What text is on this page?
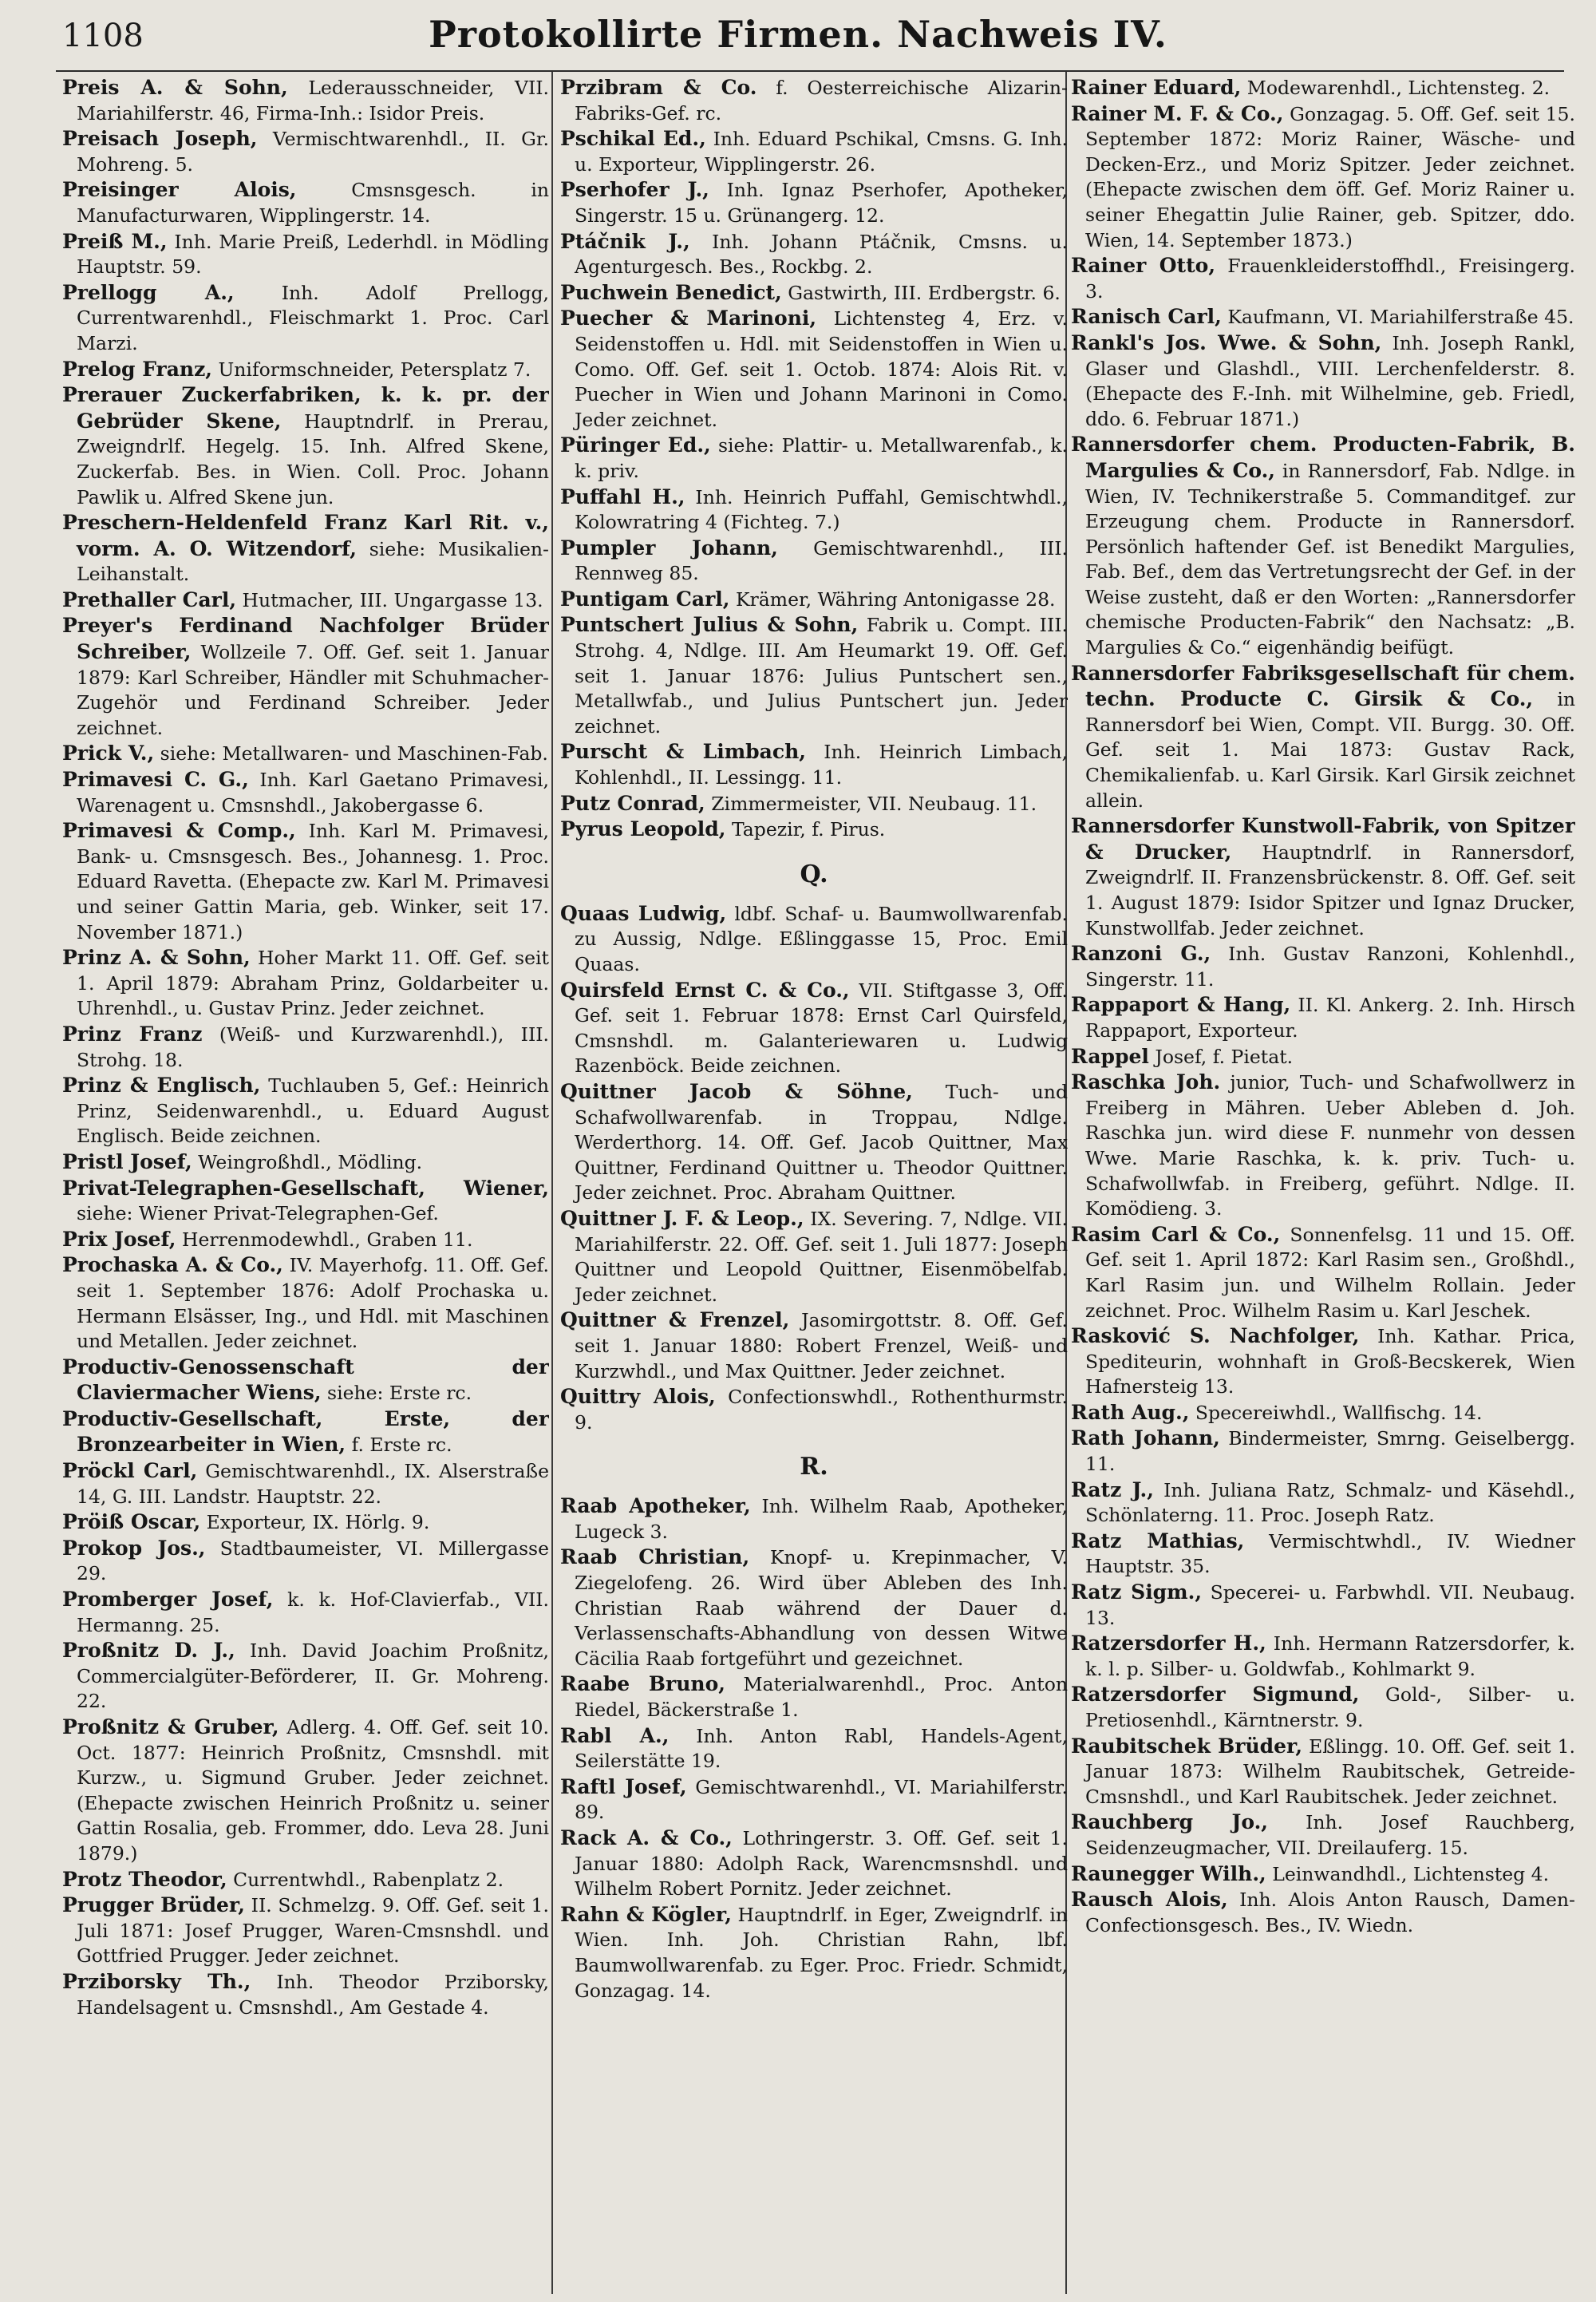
1108	Protokollirte Firmen. Nachweis IV.

Preis A. & Sohn, Lederausschneider, VII. Mariahilferstr. 46, Firma-Inh.: Isidor Preis.

Preisach Joseph, Vermischtwarenhdl., II. Gr. Mohreng. 5.

Preisinger Alois,	Cmsnsgesch. in Manufacturwaren, Wipplingerstr. 14.

Preiß M., Inh. Marie Preiß, Lederhdl. in Mödling Hauptstr. 59.

Prellogg A.,	Inh. Adolf Prellogg, Currentwarenhdl., Fleischmarkt 1. Proc. Carl Marzi.

Prelog Franz, Uniformschneider, Petersplatz 7.

Prerauer Zuckerfabriken, k. k. pr. der Gebrüder Skene, Hauptndrlf. in Prerau, Zweigndrlf. Hegelg. 15. Inh. Alfred Skene, Zuckerfab. Bes. in Wien. Coll. Proc. Johann Pawlik u. Alfred Skene jun.

Preschern-Heldenfeld Franz Karl Rit. v., vorm. A. O. Witzendorf, siehe: Musikalien-Leihanstalt.

Prethaller Carl, Hutmacher, III. Ungargasse 13.

Preyer's Ferdinand Nachfolger Brüder Schreiber, Wollzeile 7. Off. Gef. seit 1. Januar 1879: Karl Schreiber, Händler mit Schuhmacher-Zugehör und Ferdinand Schreiber. Jeder zeichnet.

Prick V., siehe: Metallwaren- und Maschinen-Fab.

Primavesi C. G., Inh. Karl Gaetano Primavesi, Warenagent u. Cmsnshdl., Jakobergasse 6.

Primavesi & Comp., Inh. Karl M. Primavesi, Bank- u. Cmsnsgesch. Bes., Johannesg. 1. Proc. Eduard Ravetta. (Ehepacte zw. Karl M. Primavesi und seiner Gattin Maria, geb. Winker, seit 17. November 1871.)

Prinz A. & Sohn, Hoher Markt 11. Off. Gef. seit 1. April 1879: Abraham Prinz, Goldarbeiter u. Uhrenhdl., u. Gustav Prinz. Jeder zeichnet.

Prinz Franz (Weiß- und Kurzwarenhdl.), III. Strohg. 18.

Prinz & Englisch, Tuchlauben 5, Gef.: Heinrich Prinz, Seidenwarenhdl., u. Eduard August Englisch. Beide zeichnen.

Pristl Josef, Weingroßhdl., Mödling.

Privat-Telegraphen-Gesellschaft, Wiener, siehe: Wiener Privat-Telegraphen-Gef.

Prix Josef, Herrenmodewhdl., Graben 11.

Prochaska A. & Co., IV. Mayerhofg. 11. Off. Gef. seit 1. September 1876: Adolf Prochaska u. Hermann Elsässer, Ing., und Hdl. mit Maschinen und Metallen. Jeder zeichnet.

Productiv-Genossenschaft der Claviermacher Wiens, siehe: Erste rc.

Productiv-Gesellschaft, Erste, der Bronzearbeiter in Wien, f. Erste rc.

Pröckl Carl, Gemischtwarenhdl., IX. Alserstraße 14, G. III. Landstr. Hauptstr. 22.

Pröiß Oscar, Exporteur, IX. Hörlg. 9.

Prokop Jos., Stadtbaumeister, VI. Millergasse 29.

Promberger Josef, k. k. Hof-Clavierfab., VII. Hermanng. 25.

Proßnitz D. J., Inh. David Joachim Proßnitz, Commercialgüter-Beförderer, II. Gr. Mohreng. 22.

Proßnitz & Gruber, Adlerg. 4. Off. Gef. seit 10. Oct. 1877: Heinrich Proßnitz, Cmsnshdl. mit Kurzw., u. Sigmund Gruber. Jeder zeichnet. (Ehepacte zwischen Heinrich Proßnitz u. seiner Gattin Rosalia, geb. Frommer, ddo. Leva 28. Juni 1879.)

Protz Theodor, Currentwhdl., Rabenplatz 2.

Prugger Brüder, II. Schmelzg. 9. Off. Gef. seit 1. Juli 1871: Josef Prugger, Waren-Cmsnshdl. und Gottfried Prugger. Jeder zeichnet.

Prziborsky Th., Inh. Theodor Prziborsky, Handelsagent u. Cmsnshdl., Am Gestade 4.

Przibram & Co. f. Oesterreichische Alizarin-Fabriks-Gef. rc.

Pschikal Ed., Inh. Eduard Pschikal, Cmsns. G. Inh. u. Exporteur, Wipplingerstr. 26.

Pserhofer J., Inh. Ignaz Pserhofer, Apotheker, Singerstr. 15 u. Grünangerg. 12.

Ptáčnik J., Inh. Johann Ptáčnik, Cmsns. u. Agenturgesch. Bes., Rockbg. 2.

Puchwein Benedict, Gastwirth, III. Erdbergstr. 6.

Puecher & Marinoni, Lichtensteg 4, Erz. v. Seidenstoffen u. Hdl. mit Seidenstoffen in Wien u. Como. Off. Gef. seit 1. Octob. 1874: Alois Rit. v. Puecher in Wien und Johann Marinoni in Como. Jeder zeichnet.

Püringer Ed., siehe: Plattir- u. Metallwarenfab., k. k. priv.

Puffahl H., Inh. Heinrich Puffahl, Gemischtwhdl., Kolowratring 4 (Fichteg. 7.)

Pumpler Johann, Gemischtwarenhdl., III. Rennweg 85.

Puntigam Carl, Krämer, Währing Antonigasse 28.

Puntschert Julius & Sohn, Fabrik u. Compt. III. Strohg. 4, Ndlge. III. Am Heumarkt 19. Off. Gef. seit 1. Januar 1876: Julius Puntschert sen., Metallwfab., und Julius Puntschert jun. Jeder zeichnet.

Purscht & Limbach, Inh. Heinrich Limbach, Kohlenhdl., II. Lessingg. 11.

Putz Conrad, Zimmermeister, VII. Neubaug. 11.

Pyrus Leopold, Tapezir, f. Pirus.

Q.

Quaas Ludwig, ldbf. Schaf- u. Baumwollwarenfab. zu Aussig, Ndlge. Eßlinggasse 15, Proc. Emil Quaas.

Quirsfeld Ernst C. & Co., VII. Stiftgasse 3, Off. Gef. seit 1. Februar 1878: Ernst Carl Quirsfeld, Cmsnshdl. m. Galanteriewaren u. Ludwig Razenböck. Beide zeichnen.

Quittner Jacob & Söhne, Tuch- und Schafwollwarenfab. in Troppau, Ndlge. Werderthorg. 14. Off. Gef. Jacob Quittner, Max Quittner, Ferdinand Quittner u. Theodor Quittner. Jeder zeichnet. Proc. Abraham Quittner.

Quittner J. F. & Leop., IX. Severing. 7, Ndlge. VII. Mariahilferstr. 22. Off. Gef. seit 1. Juli 1877: Joseph Quittner und Leopold Quittner, Eisenmöbelfab. Jeder zeichnet.

Quittner & Frenzel, Jasomirgottstr. 8. Off. Gef. seit 1. Januar 1880: Robert Frenzel, Weiß- und Kurzwhdl., und Max Quittner. Jeder zeichnet.

Quittry Alois, Confectionswhdl., Rothenthurmstr. 9.

R.

Raab Apotheker, Inh. Wilhelm Raab, Apotheker, Lugeck 3.

Raab Christian, Knopf- u. Krepinmacher, V. Ziegelofeng. 26. Wird über Ableben des Inh. Christian Raab während der Dauer d. Verlassenschafts-Abhandlung von dessen Witwe Cäcilia Raab fortgeführt und gezeichnet.

Raabe Bruno, Materialwarenhdl., Proc. Anton Riedel, Bäckerstraße 1.

Rabl A., Inh. Anton Rabl, Handels-Agent, Seilerstätte 19.

Raftl Josef, Gemischtwarenhdl., VI. Mariahilferstr. 89.

Rack A. & Co., Lothringerstr. 3. Off. Gef. seit 1. Januar 1880: Adolph Rack, Warencmsnshdl. und Wilhelm Robert Pornitz. Jeder zeichnet.

Rahn & Kögler, Hauptndrlf. in Eger, Zweigndrlf. in Wien. Inh. Joh. Christian Rahn, lbf. Baumwollwarenfab. zu Eger. Proc. Friedr. Schmidt, Gonzagag. 14.

Rainer Eduard, Modewarenhdl., Lichtensteg. 2.

Rainer M. F. & Co., Gonzagag. 5. Off. Gef. seit 15. September 1872: Moriz Rainer, Wäsche- und Decken-Erz., und Moriz Spitzer. Jeder zeichnet. (Ehepacte zwischen dem öff. Gef. Moriz Rainer u. seiner Ehegattin Julie Rainer, geb. Spitzer, ddo. Wien, 14. September 1873.)

Rainer Otto, Frauenkleiderstoffhdl., Freisingerg. 3.

Ranisch Carl, Kaufmann, VI. Mariahilferstraße 45.

Rankl's Jos. Wwe. & Sohn, Inh. Joseph Rankl, Glaser und Glashdl., VIII. Lerchenfelderstr. 8. (Ehepacte des F.-Inh. mit Wilhelmine, geb. Friedl, ddo. 6. Februar 1871.)

Rannersdorfer chem. Producten-Fabrik, B. Margulies & Co., in Rannersdorf, Fab. Ndlge. in Wien, IV. Technikerstraße 5. Commanditgef. zur Erzeugung chem. Producte in Rannersdorf. Persönlich haftender Gef. ist Benedikt Margulies, Fab. Bef., dem das Vertretungsrecht der Gef. in der Weise zusteht, daß er den Worten: „Rannersdorfer chemische Producten-Fabrik“ den Nachsatz: „B. Margulies & Co.“ eigenhändig beifügt.

Rannersdorfer Fabriksgesellschaft für chem. techn. Producte C. Girsik & Co., in Rannersdorf bei Wien, Compt. VII. Burgg. 30. Off. Gef. seit 1. Mai 1873: Gustav Rack, Chemikalienfab. u. Karl Girsik. Karl Girsik zeichnet allein.

Rannersdorfer Kunstwoll-Fabrik, von Spitzer & Drucker, Hauptndrlf. in Rannersdorf, Zweigndrlf. II. Franzensbrückenstr. 8. Off. Gef. seit 1. August 1879: Isidor Spitzer und Ignaz Drucker, Kunstwollfab. Jeder zeichnet.

Ranzoni G., Inh. Gustav Ranzoni, Kohlenhdl., Singerstr. 11.

Rappaport & Hang, II. Kl. Ankerg. 2. Inh. Hirsch Rappaport, Exporteur.

Rappel Josef, f. Pietat.

Raschka Joh. junior, Tuch- und Schafwollwerz in Freiberg in Mähren. Ueber Ableben d. Joh. Raschka jun. wird diese F. nunmehr von dessen Wwe. Marie Raschka, k. k. priv. Tuch- u. Schafwollwfab. in Freiberg, geführt. Ndlge. II. Komödieng. 3.

Rasim Carl & Co., Sonnenfelsg. 11 und 15. Off. Gef. seit 1. April 1872: Karl Rasim sen., Großhdl., Karl Rasim jun. und Wilhelm Rollain. Jeder zeichnet. Proc. Wilhelm Rasim u. Karl Jeschek.

Rasković S. Nachfolger, Inh. Kathar. Prica, Spediteurin, wohnhaft in Groß-Becskerek, Wien Hafnersteig 13.

Rath Aug., Specereiwhdl., Wallfischg. 14.

Rath Johann, Bindermeister, Smrng. Geiselbergg. 11.

Ratz J., Inh. Juliana Ratz, Schmalz- und Käsehdl., Schönlaterng. 11. Proc. Joseph Ratz.

Ratz Mathias, Vermischtwhdl., IV. Wiedner Hauptstr. 35.

Ratz Sigm., Specerei- u. Farbwhdl. VII. Neubaug. 13.

Ratzersdorfer H., Inh. Hermann Ratzersdorfer, k. k. l. p. Silber- u. Goldwfab., Kohlmarkt 9.

Ratzersdorfer Sigmund, Gold-, Silber- u. Pretiosenhdl., Kärntnerstr. 9.

Raubitschek Brüder, Eßlingg. 10. Off. Gef. seit 1. Januar 1873: Wilhelm Raubitschek, Getreide-Cmsnshdl., und Karl Raubitschek. Jeder zeichnet.

Rauchberg Jo., Inh. Josef Rauchberg, Seidenzeugmacher, VII. Dreilauferg. 15.

Raunegger Wilh., Leinwandhdl., Lichtensteg 4.

Rausch Alois, Inh. Alois Anton Rausch, Damen-Confectionsgesch. Bes., IV. Wiedn.
